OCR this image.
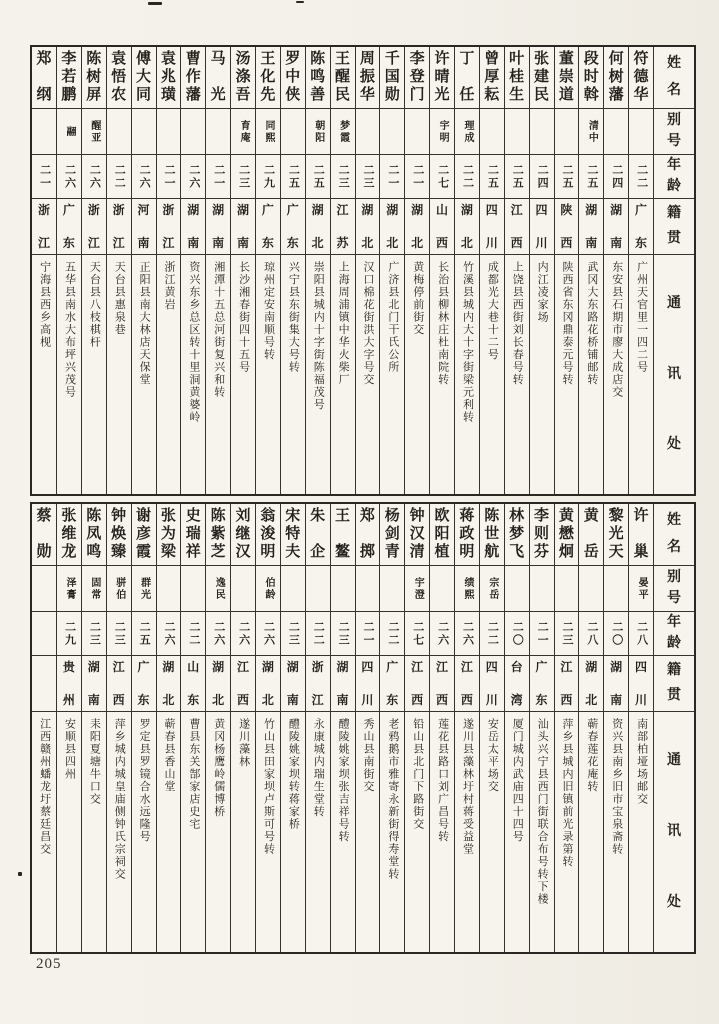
姓
名
别
号
年
龄
籍
贯
通
讯
处
符
德
华
二二
广
东
广州天官里一四二号
何
树
藩
二四
湖
南
东安县石期市廖大成店交
段
时
斡
清中
二五
湖
南
武冈大东路花桥铺邮转
董
崇
道
二五
陕
西
陕西省东冈鼎泰元号转
张
建
民
二四
四
川
内江凌家场
叶
桂
生
二五
江
西
上饶县西街刘长春号转
曾
厚
耘
二五
四
川
成都光大巷十二号
丁
任
理成
二二
湖
北
竹溪县城内大十字街梁元利转
许
晴
光
宇明
二七
山
西
长治县柳林庄杜南院转
李
登
门
二一
湖
北
黄梅停前街交
千
国
勋
二一
湖
北
广济县北门干氏公所
周
振
华
二三
湖
北
汉口棉花街洪大字号交
王
醒
民
梦霞
二三
江
苏
上海周浦镇中华火柴厂
陈
鸣
善
朝阳
二五
湖
北
崇阳县城内十字街陈福茂号
罗
中
侠
二五
广
东
兴宁县东街集大号转
王
化
先
同熙
二九
广
东
琼州定安南顺号转
汤
涤
吾
育庵
二三
湖
南
长沙湘春街四十五号
马
光
二一
湖
南
湘潭十五总河街复兴和转
曹
作
藩
二六
湖
南
资兴东乡总区转十里洞黄婆岭
袁
兆
璜
二一
浙
江
浙江黄岩
傅
大
同
二六
河
南
正阳县南大林店天保堂
袁
悟
农
二二
浙
江
天台县惠泉巷
陈
树
屏
醒亚
二六
浙
江
天台县八枝棋杆
李
若
鹏
翮
二六
广
东
五华县南水大布坪兴茂号
郑
纲
二一
浙
江
宁海县西乡高枧
姓
名
别
号
年
龄
籍
贯
通
讯
处
许
巢
晏平
二八
四
川
南部柏垭场邮交
黎
光
天
二〇
湖
南
资兴县南乡旧市宝泉斋转
黄
岳
二八
湖
北
蕲春莲花庵转
黄
懋
炯
二三
江
西
萍乡县城内旧镇前光录第转
李
则
芬
二一
广
东
汕头兴宁县西门街联合布号转下楼
林
梦
飞
二〇
台
湾
厦门城内武庙四十四号
陈
世
航
宗岳
二二
四
川
安岳太平场交
蒋
政
明
绩熙
二六
江
西
遂川县藻林圩村蒋受益堂
欧
阳
植
二六
江
西
莲花县路口刘广昌号转
钟
汉
清
宇澄
二七
江
西
铅山县北门下路街交
杨
剑
青
二二
广
东
老鸦鹅市雅寄永新街得寿堂转
郑
掷
二一
四
川
秀山县南街交
王
鳌
二三
湖
南
醴陵姚家坝张吉祥号转
朱
企
二二
浙
江
永康城内瑞生堂转
宋
特
夫
二三
湖
南
醴陵姚家坝转蒋家桥
翁
浚
明
伯龄
二六
湖
北
竹山县田家坝卢斯可号转
刘
继
汉
二六
江
西
遂川藻林
陈
紫
芝
逸民
二六
湖
北
黄冈杨鹰岭儒博桥
史
瑞
祥
二二
山
东
曹县东关郜家店史宅
张
为
梁
二六
湖
北
蕲春县香山堂
谢
彦
霞
群光
二五
广
东
罗定县罗镜合水远隆号
钟
焕
臻
骈伯
二三
江
西
萍乡城内城皇庙侧钟氏宗祠交
陈
凤
鸣
固常
二三
湖
南
耒阳夏塘牛口交
张
维
龙
泽膏
二九
贵
州
安顺县四州
蔡
勋
江西赣州蟠龙圩蔡廷昌交
205
